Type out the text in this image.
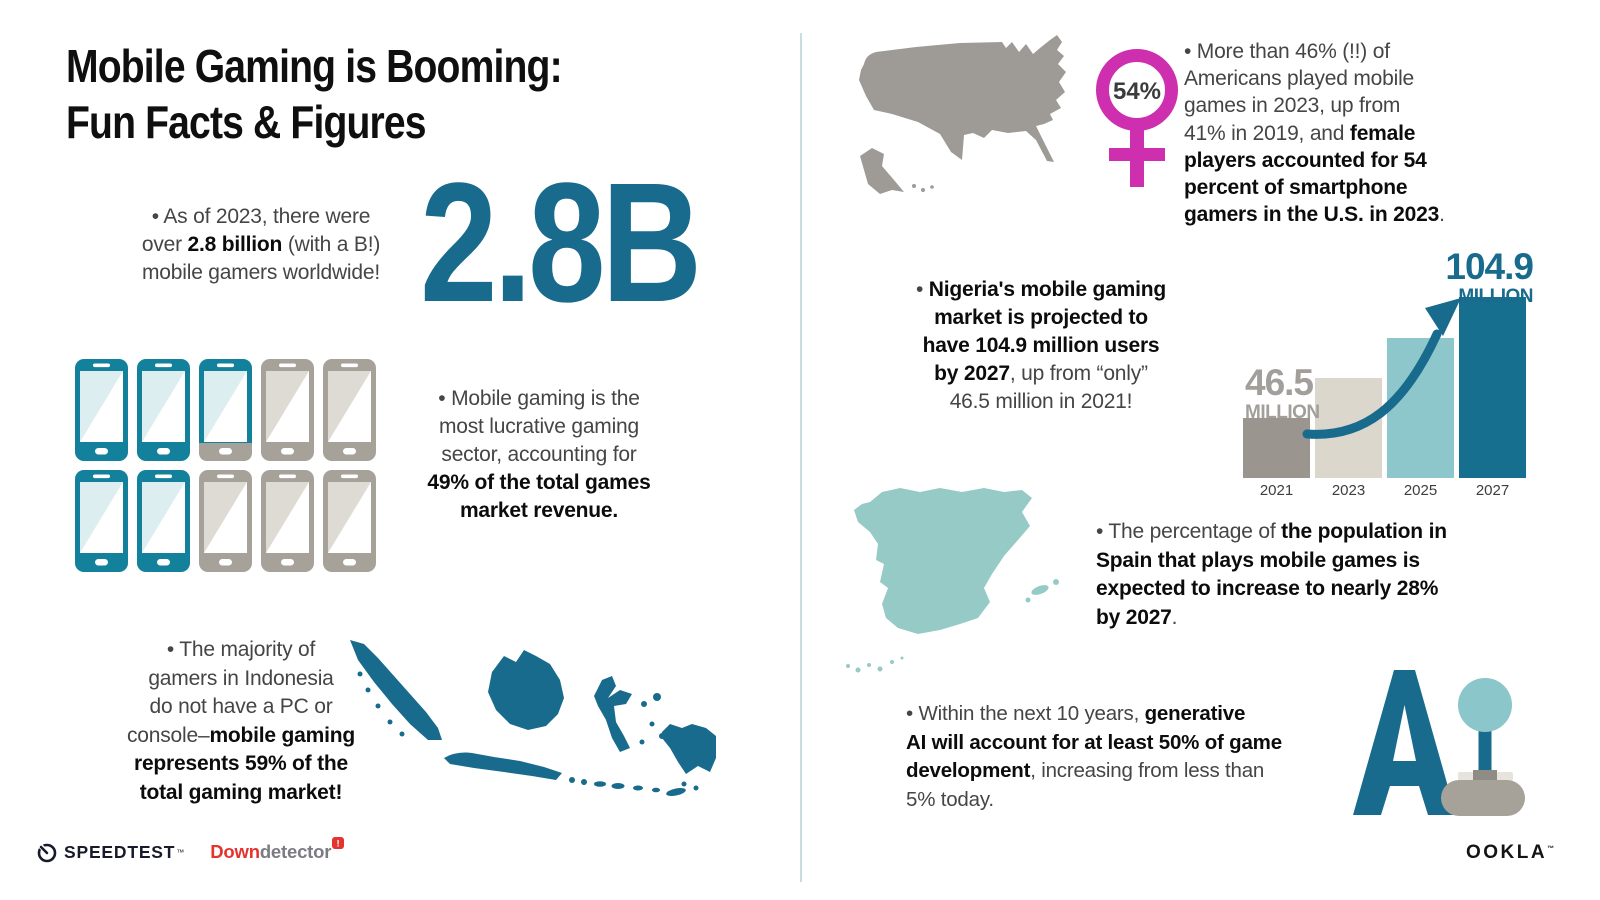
Mobile Gaming is Booming:
Fun Facts & Figures
• As of 2023, there were
over 2.8 billion (with a B!)
mobile gamers worldwide! 2.8B
• Mobile gaming is the
most lucrative gaming
sector, accounting for
49% of the total games
market revenue.
• The majority of
gamers in Indonesia
do not have a PC or
console–mobile gaming
represents 59% of the
total gaming market!
54%
• More than 46% (!!) of
Americans played mobile
games in 2023, up from
41% in 2019, and female
players accounted for 54
percent of smartphone
gamers in the U.S. in 2023.
• Nigeria's mobile gaming
market is projected to
have 104.9 million users
by 2027, up from “only”
46.5 million in 2021!
2021	2023	2025	2027
46.5
MILLION
104.9
MILLION
• The percentage of the population in
Spain that plays mobile games is
expected to increase to nearly 28%
by 2027.
• Within the next 10 years, generative
AI will account for at least 50% of game
development, increasing from less than
5% today.
SPEEDTEST ™ Down detector !	OOKLA™
